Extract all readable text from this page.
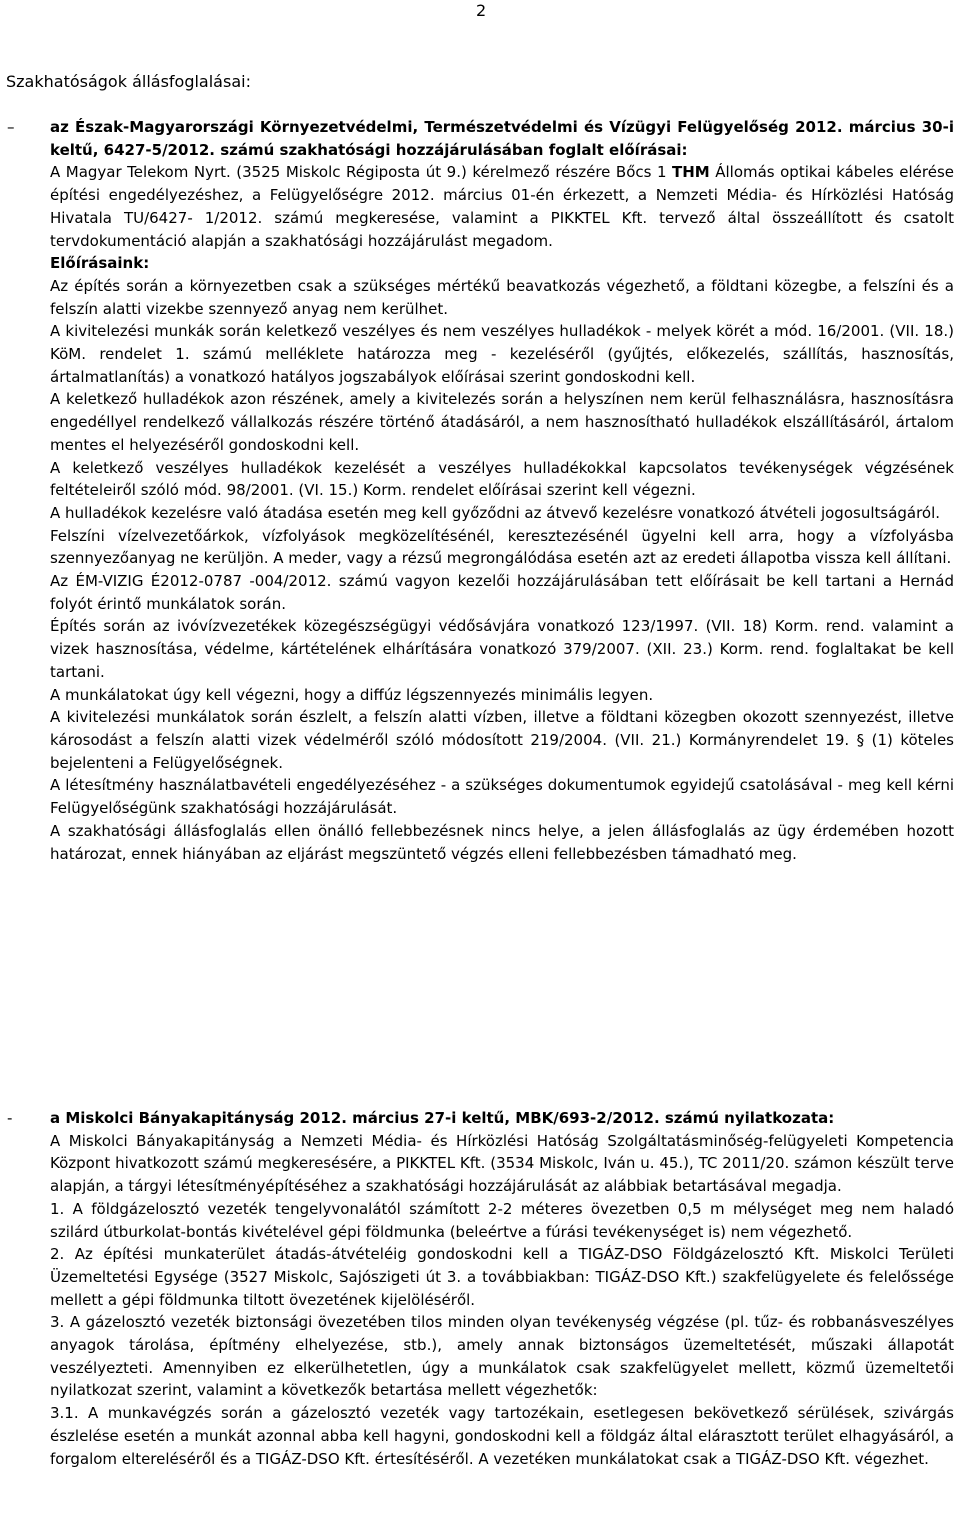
2
Szakhatóságok állásfoglalásai:
–	az Észak-Magyarországi Környezetvédelmi, Természetvédelmi és Vízügyi Felügyelőség 2012. március 30-i keltű, 6427-5/2012. számú szakhatósági hozzájárulásában foglalt előírásai:
A Magyar Telekom Nyrt. (3525 Miskolc Régiposta út 9.) kérelmező részére Bőcs 1 THM Állomás optikai kábeles elérése építési engedélyezéshez, a Felügyelőségre 2012. március 01-én érkezett, a Nemzeti Média- és Hírközlési Hatóság Hivatala TU/6427- 1/2012. számú megkeresése, valamint a PIKKTEL Kft. tervező által összeállított és csatolt tervdokumentáció alapján a szakhatósági hozzájárulást megadom.
Előírásaink:

Az építés során a környezetben csak a szükséges mértékű beavatkozás végezhető, a földtani közegbe, a felszíni és a felszín alatti vizekbe szennyező anyag nem kerülhet.

A kivitelezési munkák során keletkező veszélyes és nem veszélyes hulladékok - melyek körét a mód. 16/2001. (VII. 18.) KöM. rendelet 1. számú melléklete határozza meg - kezeléséről (gyűjtés, előkezelés, szállítás, hasznosítás, ártalmatlanítás) a vonatkozó hatályos jogszabályok előírásai szerint gondoskodni kell.

A keletkező hulladékok azon részének, amely a kivitelezés során a helyszínen nem kerül felhasználásra, hasznosításra engedéllyel rendelkező vállalkozás részére történő átadásáról, a nem hasznosítható hulladékok elszállításáról, ártalom mentes el helyezéséről gondoskodni kell.

A keletkező veszélyes hulladékok kezelését a veszélyes hulladékokkal kapcsolatos tevékenységek végzésének feltételeiről szóló mód. 98/2001. (VI. 15.) Korm. rendelet előírásai szerint kell végezni.

A hulladékok kezelésre való átadása esetén meg kell győződni az átvevő kezelésre vonatkozó átvételi jogosultságáról.

Felszíni vízelvezetőárkok, vízfolyások megközelítésénél, keresztezésénél ügyelni kell arra, hogy a vízfolyásba szennyezőanyag ne kerüljön. A meder, vagy a rézsű megrongálódása esetén azt az eredeti állapotba vissza kell állítani.

Az ÉM-VIZIG É2012-0787 -004/2012. számú vagyon kezelői hozzájárulásában tett előírásait be kell tartani a Hernád folyót érintő munkálatok során.

Építés során az ivóvízvezetékek közegészségügyi védősávjára vonatkozó 123/1997. (VII. 18) Korm. rend. valamint a vizek hasznosítása, védelme, kártételének elhárítására vonatkozó 379/2007. (XII. 23.) Korm. rend. foglaltakat be kell tartani.

A munkálatokat úgy kell végezni, hogy a diffúz légszennyezés minimális legyen.

A kivitelezési munkálatok során észlelt, a felszín alatti vízben, illetve a földtani közegben okozott szennyezést, illetve károsodást a felszín alatti vizek védelméről szóló módosított 219/2004. (VII. 21.) Kormányrendelet 19. § (1) köteles bejelenteni a Felügyelőségnek.

A létesítmény használatbavételi engedélyezéséhez - a szükséges dokumentumok egyidejű csatolásával - meg kell kérni Felügyelőségünk szakhatósági hozzájárulását.

A szakhatósági állásfoglalás ellen önálló fellebbezésnek nincs helye, a jelen állásfoglalás az ügy érdemében hozott határozat, ennek hiányában az eljárást megszüntető végzés elleni fellebbezésben támadható meg.

-	a Miskolci Bányakapitányság 2012. március 27-i keltű, MBK/693-2/2012. számú nyilatkozata:

A Miskolci Bányakapitányság a Nemzeti Média- és Hírközlési Hatóság Szolgáltatásminőség-felügyeleti Kompetencia Központ hivatkozott számú megkeresésére, a PIKKTEL Kft. (3534 Miskolc, Iván u. 45.), TC 2011/20. számon készült terve alapján, a tárgyi létesítményépítéséhez a szakhatósági hozzájárulását az alábbiak betartásával megadja.

1. A földgázelosztó vezeték tengelyvonalától számított 2-2 méteres övezetben 0,5 m mélységet meg nem haladó szilárd útburkolat-bontás kivételével gépi földmunka (beleértve a fúrási tevékenységet is) nem végezhető.

2. Az építési munkaterület átadás-átvételéig gondoskodni kell a TIGÁZ-DSO Földgázelosztó Kft. Miskolci Területi Üzemeltetési Egysége (3527 Miskolc, Sajószigeti út 3. a továbbiakban: TIGÁZ-DSO Kft.) szakfelügyelete és felelőssége mellett a gépi földmunka tiltott övezetének kijelöléséről.

3. A gázelosztó vezeték biztonsági övezetében tilos minden olyan tevékenység végzése (pl. tűz- és robbanásveszélyes anyagok tárolása, építmény elhelyezése, stb.), amely annak biztonságos üzemeltetését, műszaki állapotát veszélyezteti. Amennyiben ez elkerülhetetlen, úgy a munkálatok csak szakfelügyelet mellett, közmű üzemeltetői nyilatkozat szerint, valamint a következők betartása mellett végezhetők:

3.1. A munkavégzés során a gázelosztó vezeték vagy tartozékain, esetlegesen bekövetkező sérülések, szivárgás észlelése esetén a munkát azonnal abba kell hagyni, gondoskodni kell a földgáz által elárasztott terület elhagyásáról, a forgalom eltereléséről és a TIGÁZ-DSO Kft. értesítéséről. A vezetéken munkálatokat csak a TIGÁZ-DSO Kft. végezhet.
